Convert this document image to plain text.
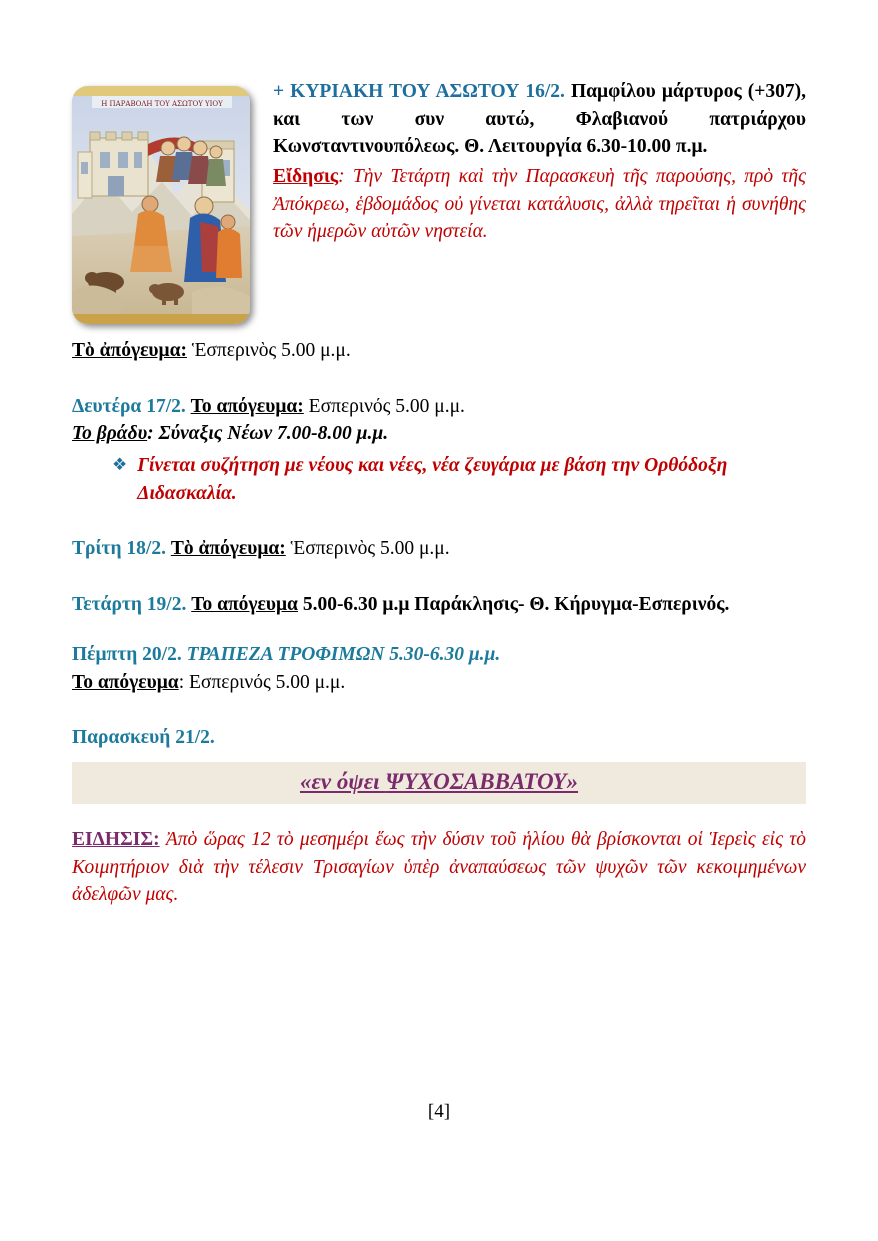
Η ΠΑΡΑΒΟΛΗ ΤΟΥ ΑΣΩΤΟΥ ΥΙΟΥ
+ ΚΥΡΙΑΚΗ ΤΟΥ ΑΣΩΤΟΥ 16/2. Παμφίλου μάρτυρος (+307), και των συν αυτώ, Φλαβιανού πατριάρχου Κωνσταντινουπόλεως. Θ. Λειτουργία 6.30-10.00 π.μ.
Εἴδησις: Τὴν Τετάρτη καὶ τὴν Παρασκευὴ τῆς παρούσης, πρὸ τῆς Ἀπόκρεω, ἑβδομάδος οὐ γίνεται κατάλυσις, ἀλλὰ τηρεῖται ἡ συνήθης τῶν ἡμερῶν αὐτῶν νηστεία.
Τὸ ἀπόγευμα: Ἑσπερινὸς 5.00 μ.μ.
Δευτέρα 17/2. Το απόγευμα: Εσπερινός 5.00 μ.μ.
Το βράδυ: Σύναξις Νέων 7.00-8.00 μ.μ.
❖ Γίνεται συζήτηση με νέους και νέες, νέα ζευγάρια με βάση την Ορθόδοξη Διδασκαλία.
Τρίτη 18/2. Τὸ ἀπόγευμα: Ἑσπερινὸς 5.00 μ.μ.
Τετάρτη 19/2. Το απόγευμα 5.00-6.30 μ.μ Παράκλησις- Θ. Κήρυγμα-Εσπερινός.
Πέμπτη 20/2. ΤΡΑΠΕΖΑ ΤΡΟΦΙΜΩΝ 5.30-6.30 μ.μ.
Το απόγευμα: Εσπερινός 5.00 μ.μ.
Παρασκευή 21/2.
«εν όψει ΨΥΧΟΣΑΒΒΑΤΟΥ»
ΕΙΔΗΣΙΣ: Ἀπὸ ὥρας 12 τὸ μεσημέρι ἕως τὴν δύσιν τοῦ ἡλίου θὰ βρίσκονται οἱ Ἱερεὶς εἰς τὸ Κοιμητήριον διὰ τὴν τέλεσιν Τρισαγίων ὑπὲρ ἀναπαύσεως τῶν ψυχῶν τῶν κεκοιμημένων ἀδελφῶν μας.
[4]
